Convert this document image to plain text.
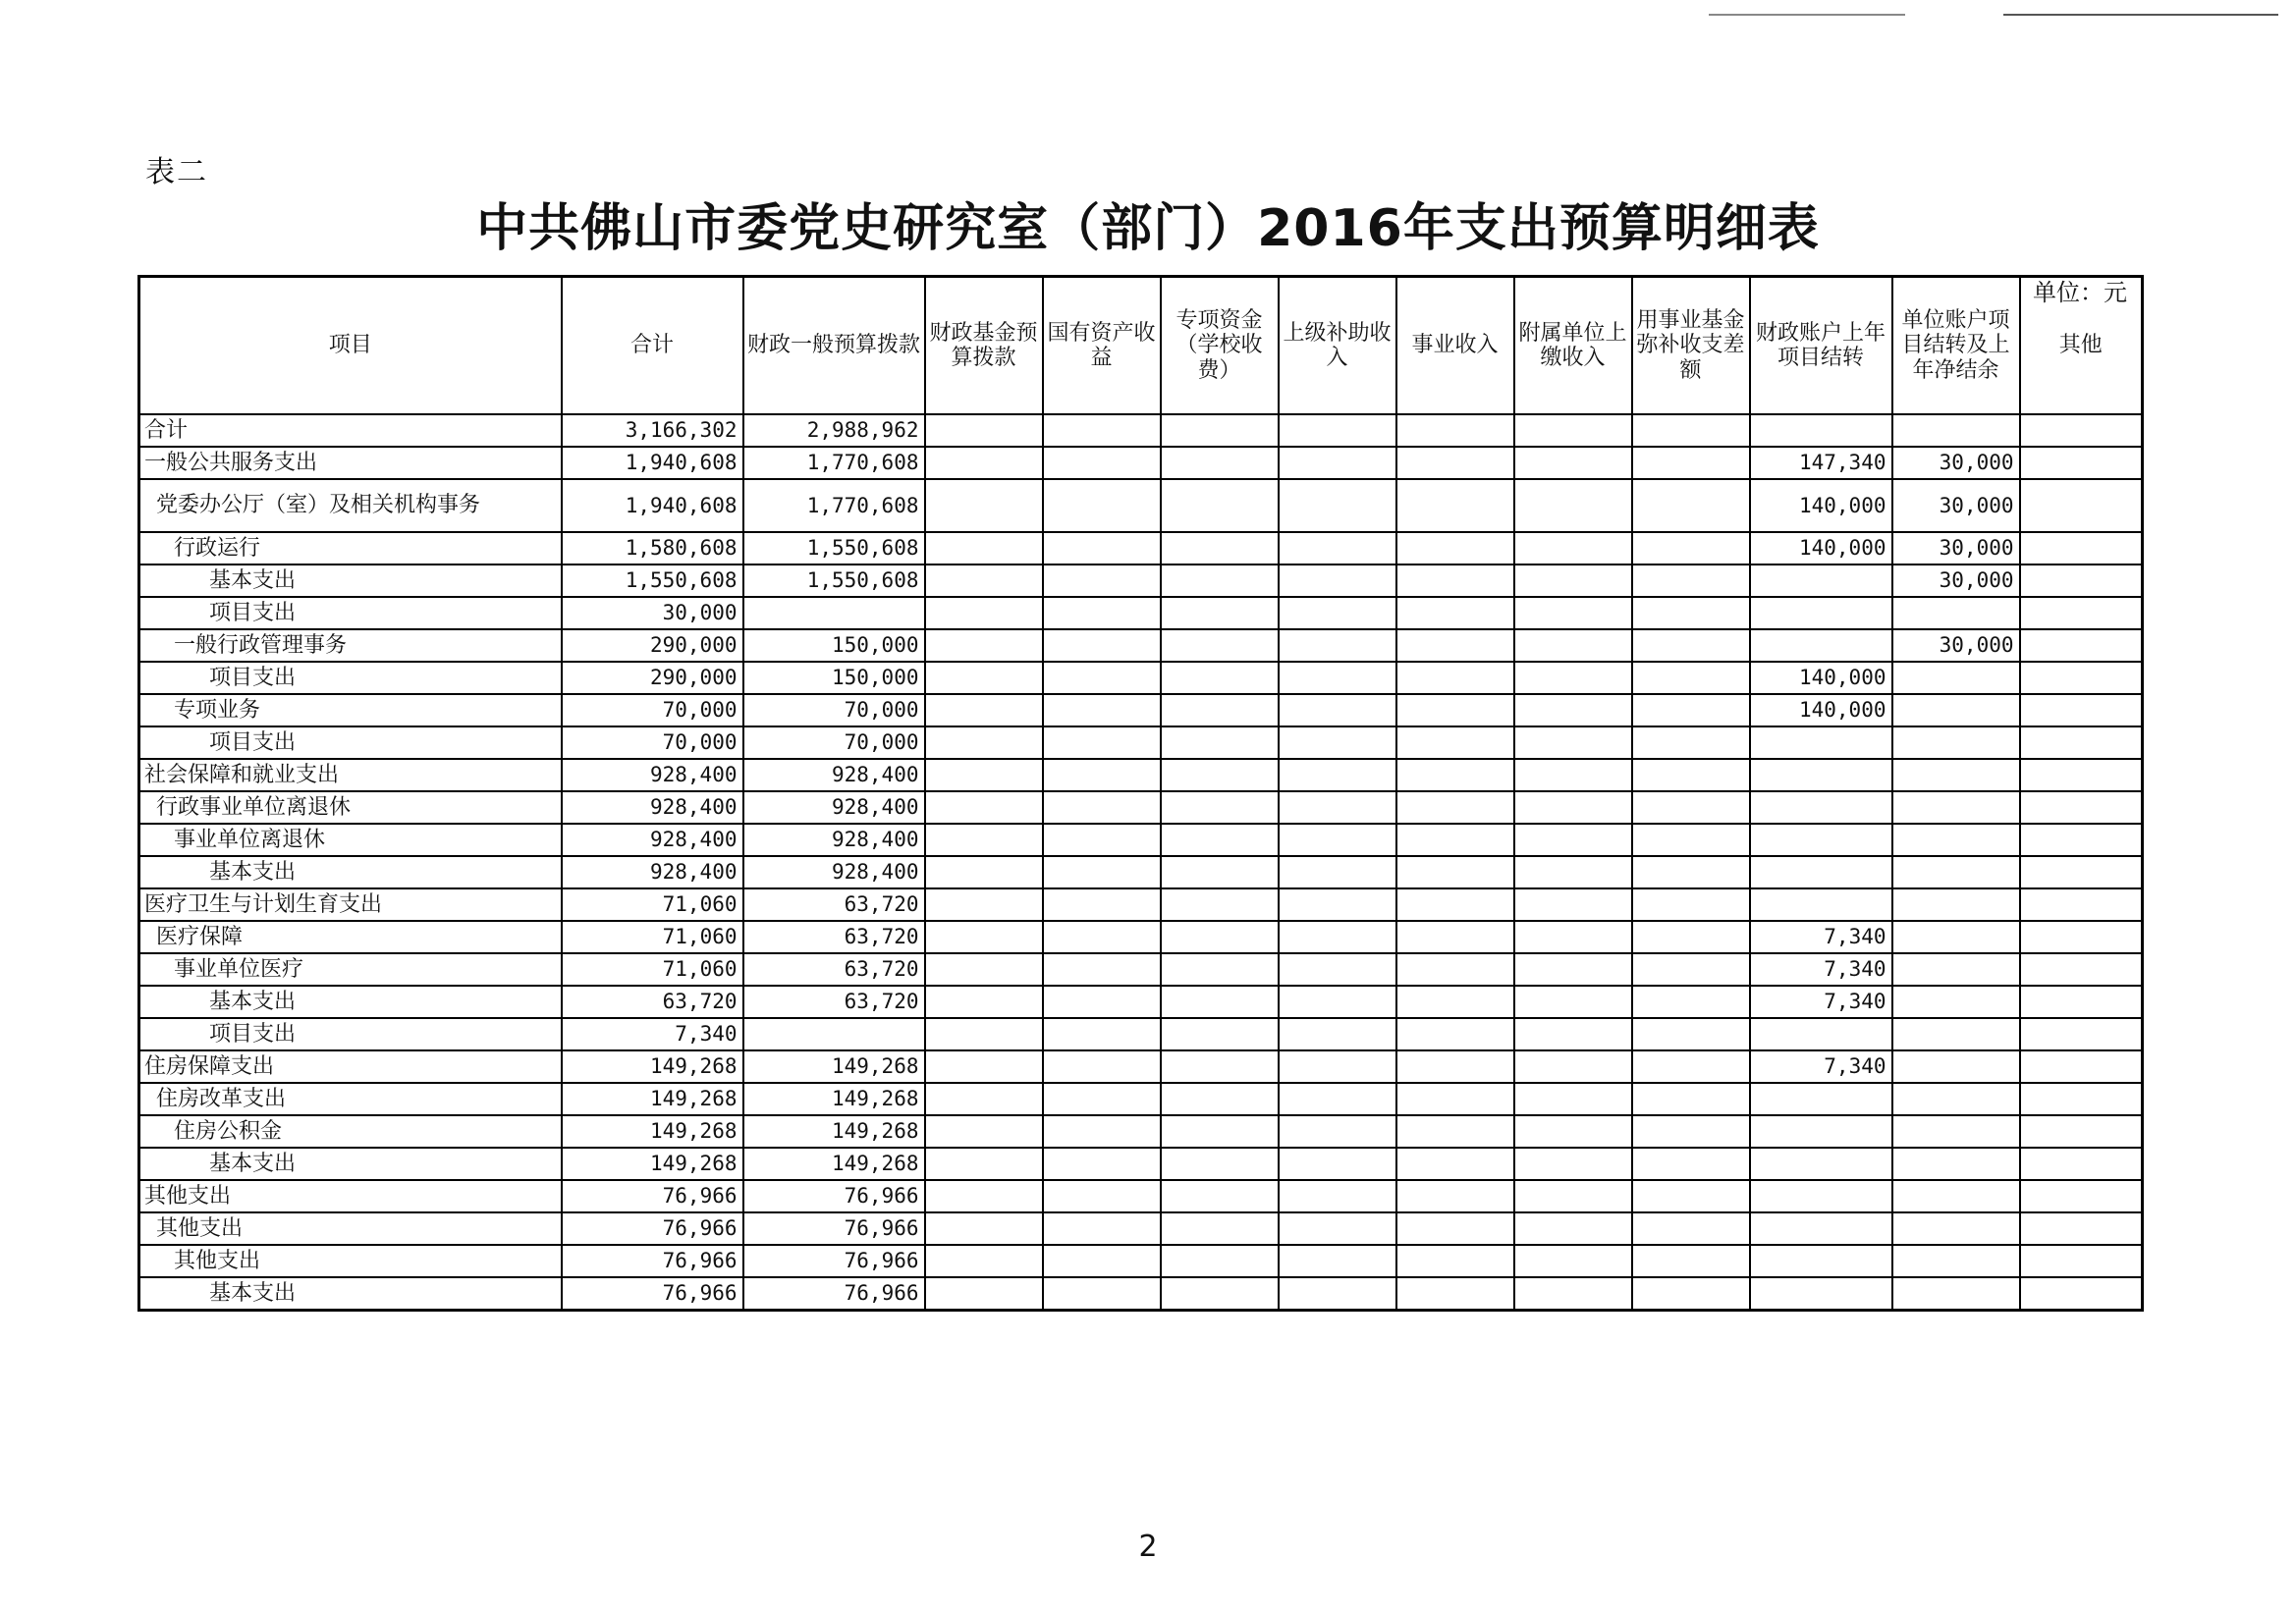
表二
中共佛山市委党史研究室（部门）2016年支出预算明细表
单位：元
项目	合计	财政一般预算拨款	财政基金预算拨款	国有资产收益	专项资金（学校收费）	上级补助收入	事业收入	附属单位上缴收入	用事业基金弥补收支差额	财政账户上年项目结转	单位账户项目结转及上年净结余	其他
合计	3,166,302	2,988,962										
一般公共服务支出	1,940,608	1,770,608								147,340	30,000	
党委办公厅（室）及相关机构事务	1,940,608	1,770,608								140,000	30,000	
行政运行	1,580,608	1,550,608								140,000	30,000	
基本支出	1,550,608	1,550,608									30,000	
项目支出	30,000											
一般行政管理事务	290,000	150,000									30,000	
项目支出	290,000	150,000								140,000		
专项业务	70,000	70,000								140,000		
项目支出	70,000	70,000										
社会保障和就业支出	928,400	928,400										
行政事业单位离退休	928,400	928,400										
事业单位离退休	928,400	928,400										
基本支出	928,400	928,400										
医疗卫生与计划生育支出	71,060	63,720										
医疗保障	71,060	63,720								7,340		
事业单位医疗	71,060	63,720								7,340		
基本支出	63,720	63,720								7,340		
项目支出	7,340											
住房保障支出	149,268	149,268								7,340		
住房改革支出	149,268	149,268										
住房公积金	149,268	149,268										
基本支出	149,268	149,268										
其他支出	76,966	76,966										
其他支出	76,966	76,966										
其他支出	76,966	76,966										
基本支出	76,966	76,966										
2
